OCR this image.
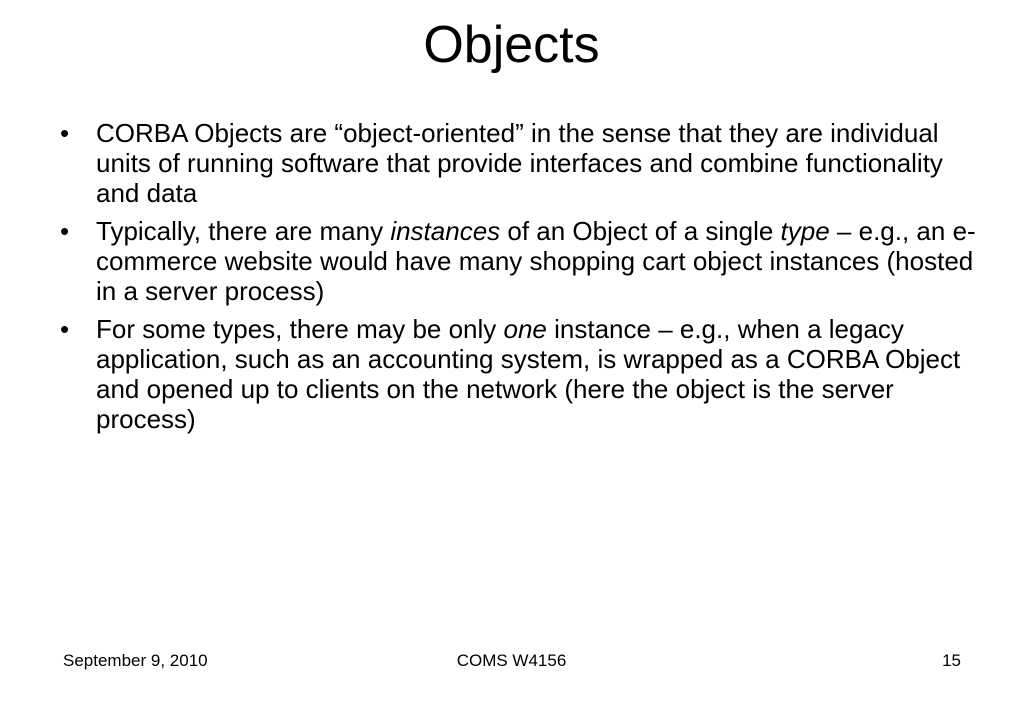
Objects
•	CORBA Objects are “object-oriented” in the sense that they are individual units of running software that provide interfaces and combine functionality and data
•	Typically, there are many instances of an Object of a single type – e.g., an e-commerce website would have many shopping cart object instances (hosted in a server process)
•	For some types, there may be only one instance – e.g., when a legacy application, such as an accounting system, is wrapped as a CORBA Object and opened up to clients on the network (here the object is the server process)
September 9, 2010	COMS W4156	15
